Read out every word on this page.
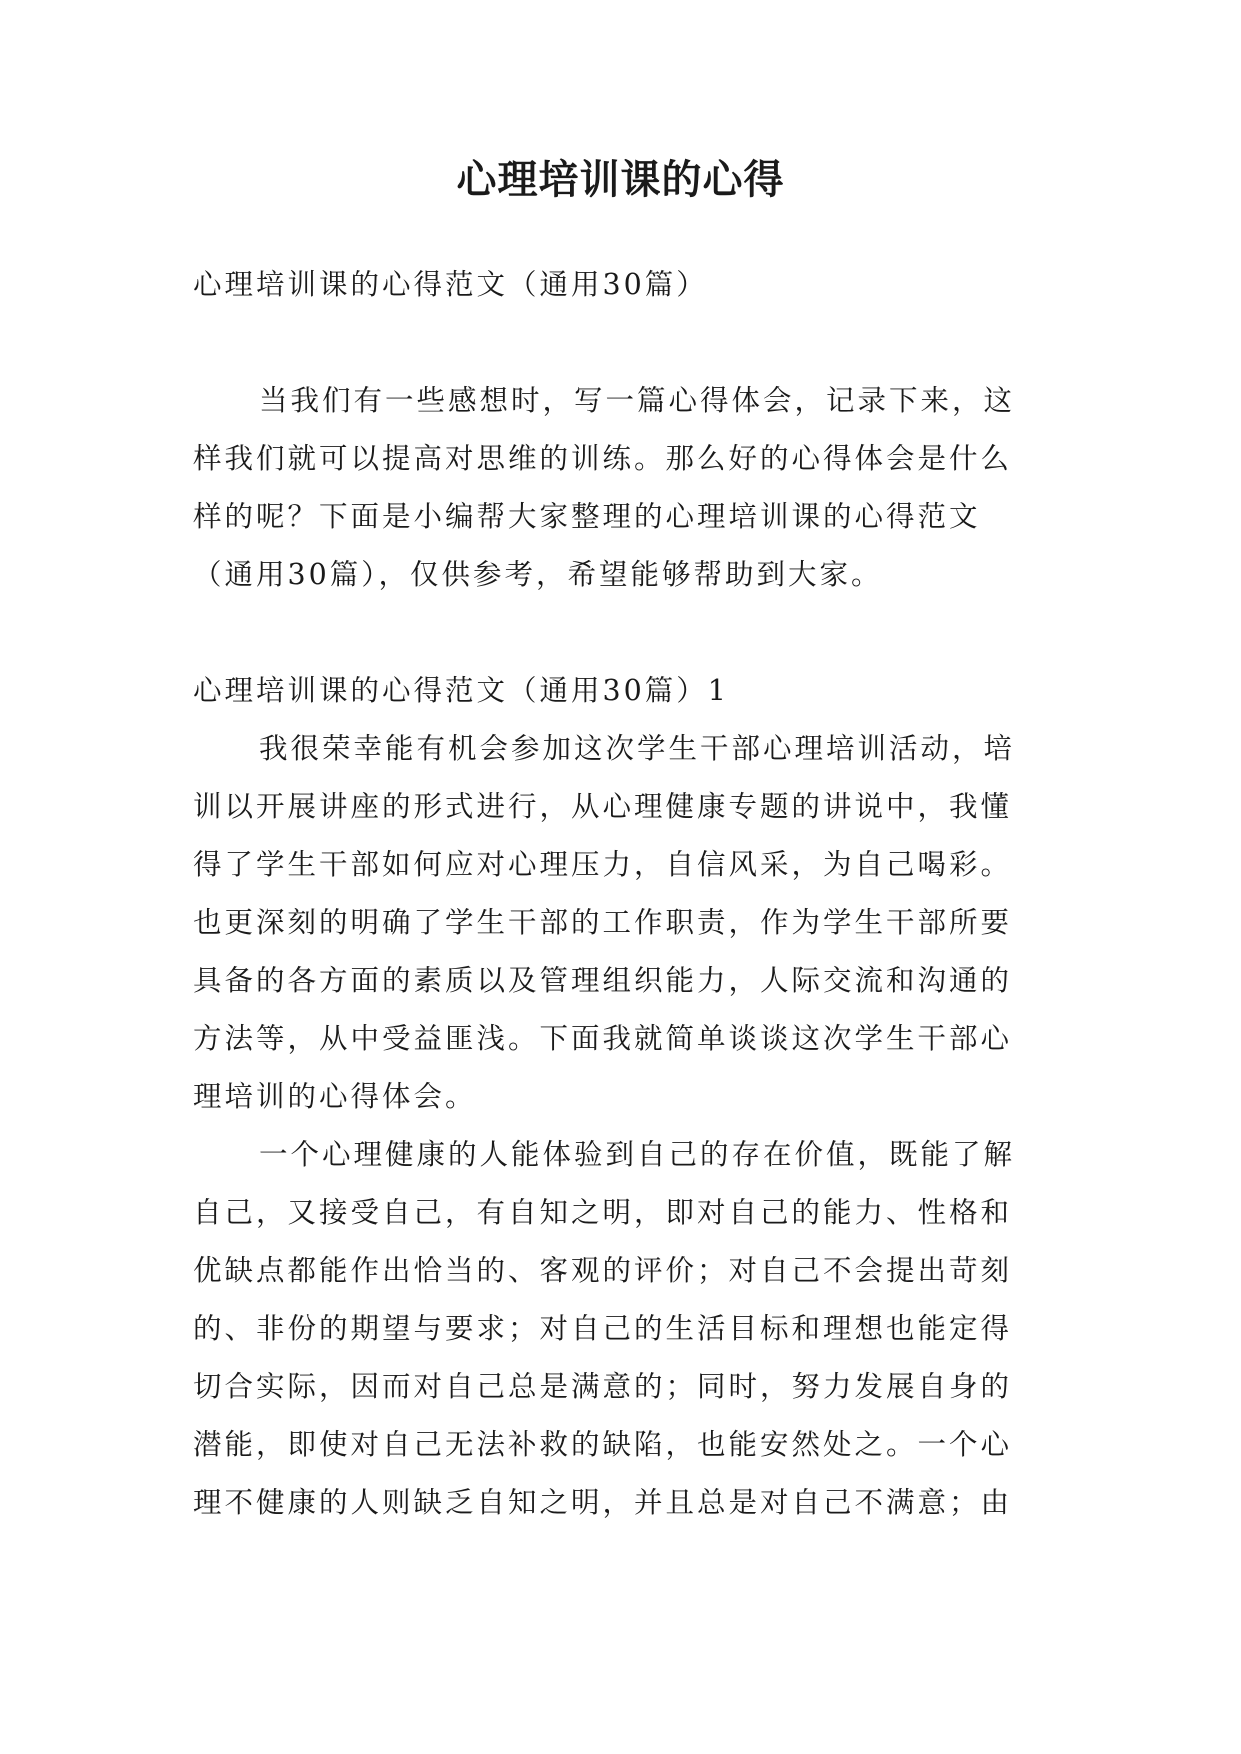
心理培训课的心得
心理培训课的心得范文（通用30篇）
当我们有一些感想时，写一篇心得体会，记录下来，这
样我们就可以提高对思维的训练。那么好的心得体会是什么
样的呢？下面是小编帮大家整理的心理培训课的心得范文
（通用30篇），仅供参考，希望能够帮助到大家。
心理培训课的心得范文（通用30篇）1
我很荣幸能有机会参加这次学生干部心理培训活动，培
训以开展讲座的形式进行，从心理健康专题的讲说中，我懂
得了学生干部如何应对心理压力，自信风采，为自己喝彩。
也更深刻的明确了学生干部的工作职责，作为学生干部所要
具备的各方面的素质以及管理组织能力，人际交流和沟通的
方法等，从中受益匪浅。下面我就简单谈谈这次学生干部心
理培训的心得体会。
一个心理健康的人能体验到自己的存在价值，既能了解
自己，又接受自己，有自知之明，即对自己的能力、性格和
优缺点都能作出恰当的、客观的评价；对自己不会提出苛刻
的、非份的期望与要求；对自己的生活目标和理想也能定得
切合实际，因而对自己总是满意的；同时，努力发展自身的
潜能，即使对自己无法补救的缺陷，也能安然处之。一个心
理不健康的人则缺乏自知之明，并且总是对自己不满意；由
